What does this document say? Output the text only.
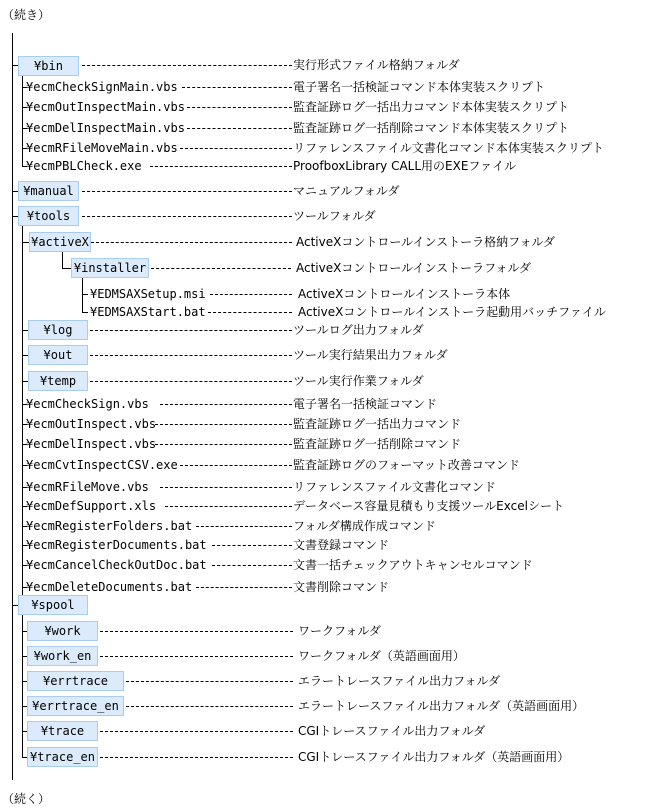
（続き）
¥bin	実行形式ファイル格納フォルダ
¥ecmCheckSignMain.vbs	電子署名一括検証コマンド本体実装スクリプト
¥ecmOutInspectMain.vbs	監査証跡ログ一括出力コマンド本体実装スクリプト
¥ecmDelInspectMain.vbs	監査証跡ログ一括削除コマンド本体実装スクリプト
¥ecmRFileMoveMain.vbs	リファレンスファイル文書化コマンド本体実装スクリプト
¥ecmPBLCheck.exe	ProofboxLibrary CALL用のEXEファイル
¥manual	マニュアルフォルダ
¥tools	ツールフォルダ
¥activeX	ActiveXコントロールインストーラ格納フォルダ
¥installer	ActiveXコントロールインストーラフォルダ
¥EDMSAXSetup.msi	ActiveXコントロールインストーラ本体
¥EDMSAXStart.bat	ActiveXコントロールインストーラ起動用バッチファイル
¥log	ツールログ出力フォルダ
¥out	ツール実行結果出力フォルダ
¥temp	ツール実行作業フォルダ
¥ecmCheckSign.vbs	電子署名一括検証コマンド
¥ecmOutInspect.vbs	監査証跡ログ一括出力コマンド
¥ecmDelInspect.vbs	監査証跡ログ一括削除コマンド
¥ecmCvtInspectCSV.exe	監査証跡ログのフォーマット改善コマンド
¥ecmRFileMove.vbs	リファレンスファイル文書化コマンド
¥ecmDefSupport.xls	データベース容量見積もり支援ツールExcelシート
¥ecmRegisterFolders.bat	フォルダ構成作成コマンド
¥ecmRegisterDocuments.bat	文書登録コマンド
¥ecmCancelCheckOutDoc.bat	文書一括チェックアウトキャンセルコマンド
¥ecmDeleteDocuments.bat	文書削除コマンド
¥spool
¥work	ワークフォルダ
¥work_en	ワークフォルダ（英語画面用）
¥errtrace	エラートレースファイル出力フォルダ
¥errtrace_en	エラートレースファイル出力フォルダ（英語画面用）
¥trace	CGIトレースファイル出力フォルダ
¥trace_en	CGIトレースファイル出力フォルダ（英語画面用）
（続く）
